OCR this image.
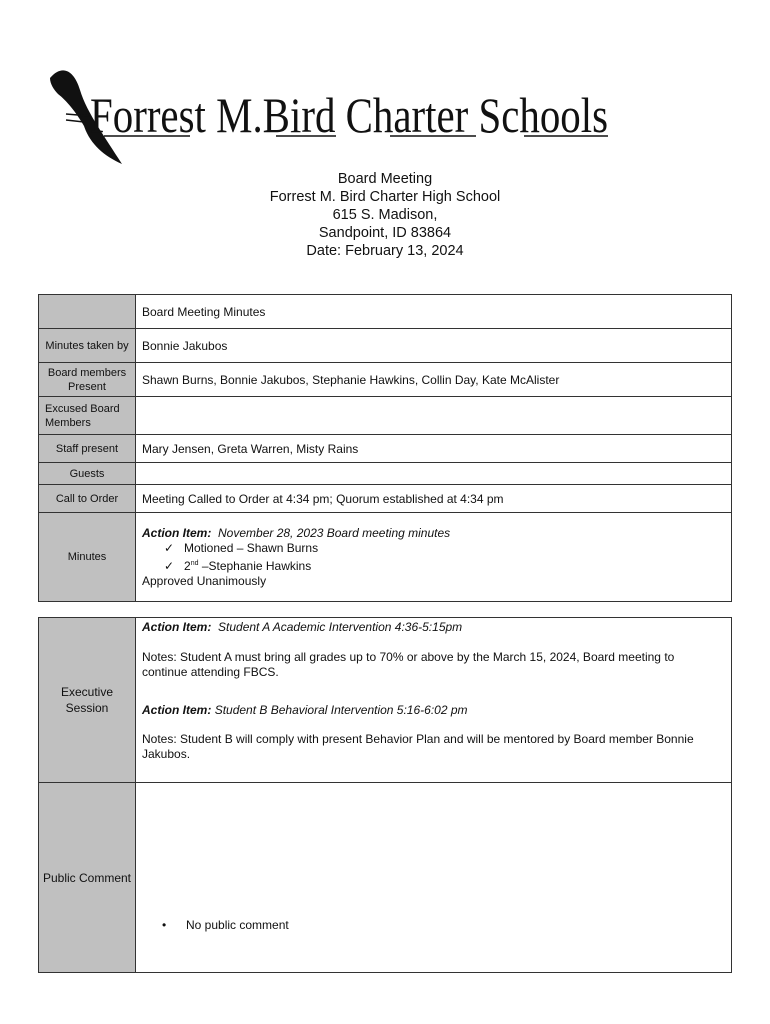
Forrest M.Bird Charter Schools
Board Meeting
Forrest M. Bird Charter High School
615 S. Madison,
Sandpoint, ID 83864
Date: February 13, 2024
	Board Meeting Minutes
Minutes taken by	Bonnie Jakubos
Board members Present	Shawn Burns, Bonnie Jakubos, Stephanie Hawkins, Collin Day, Kate McAlister
Excused Board Members	
Staff present	Mary Jensen, Greta Warren, Misty Rains
Guests	
Call to Order	Meeting Called to Order at 4:34 pm; Quorum established at 4:34 pm
Minutes	Action Item: November 28, 2023 Board meeting minutes
✓ Motioned – Shawn Burns
✓ 2nd –Stephanie Hawkins
Approved Unanimously
Executive Session	Action Item: Student A Academic Intervention 4:36-5:15pm
Notes: Student A must bring all grades up to 70% or above by the March 15, 2024, Board meeting to continue attending FBCS.
Action Item: Student B Behavioral Intervention 5:16-6:02 pm
Notes: Student B will comply with present Behavior Plan and will be mentored by Board member Bonnie Jakubos.

Public Comment	• No public comment
